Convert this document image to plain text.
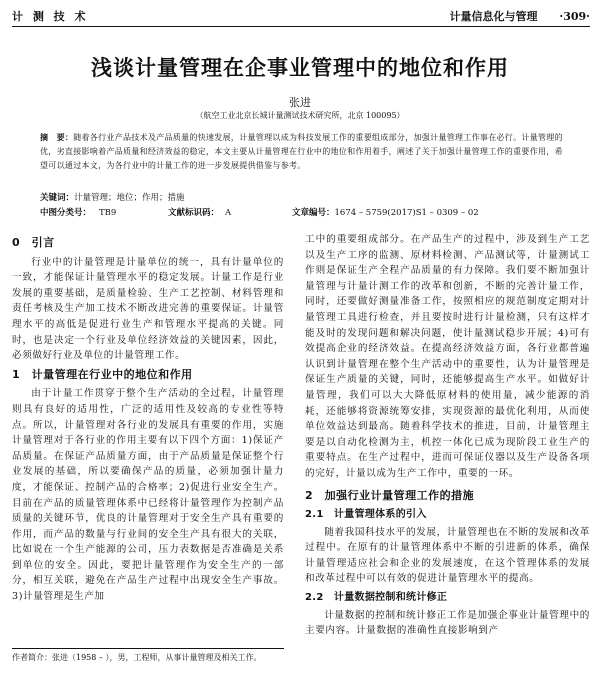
计 测 技 术	计量信息化与管理 ·309·
浅谈计量管理在企事业管理中的地位和作用
张进
（航空工业北京长城计量测试技术研究所，北京 100095）
摘　要：随着各行业产品技术及产品质量的快速发展，计量管理以成为科技发展工作的重要组成部分，加强计量管理工作事在必行。计量管理的优，劣直接影响着产品质量和经济效益的稳定，本文主要从计量管理在行业中的地位和作用着手，阐述了关于加强计量管理工作的重要作用，希望可以通过本文，为各行业中的计量工作的进一步发展提供借鉴与参考。
关键词：计量管理；地位；作用；措施
中图分类号： TB9	文献标识码： A	文章编号：1674 – 5759(2017)S1 – 0309 – 02
0　引言

行业中的计量管理是计量单位的统一，具有计量单位的一致，才能保证计量管理水平的稳定发展。计量工作是行业发展的重要基础，是质量检验、生产工艺控制、材料管理和责任考核及生产加工技术不断改进完善的重要保证。计量管理水平的高低是促进行业生产和管理水平提高的关键。同时，也是决定一个行业及单位经济效益的关键因素，因此，必须做好行业及单位的计量管理工作。

1　计量管理在行业中的地位和作用

由于计量工作贯穿于整个生产活动的全过程，计量管理则具有良好的适用性，广泛的适用性及较高的专业性等特点。所以，计量管理对各行业的发展具有重要的作用，实施计量管理对于各行业的作用主要有以下四个方面：1)保证产品质量。在保证产品质量方面，由于产品质量是保证整个行业发展的基础，所以要确保产品的质量，必须加强计量力度，才能保证、控制产品的合格率；2)促进行业安全生产。目前在产品的质量管理体系中已经将计量管理作为控制产品质量的关键环节，优良的计量管理对于安全生产具有重要的作用，而产品的数量与行业间的安全生产具有很大的关联，比如说在一个生产能源的公司，压力表数据是否准确是关系到单位的安全。因此，要把计量管理作为安全生产的一部分，相互关联，避免在产品生产过程中出现安全生产事故。3)计量管理是生产加

作者简介：张进（1958 – ），男，工程师，从事计量管理及相关工作。

工中的重要组成部分。在产品生产的过程中，涉及到生产工艺以及生产工序的监测、原材料检测、产品测试等，计量测试工作则是保证生产全程产品质量的有力保障。我们要不断加强计量管理与计量计测工作的改革和创新，不断的完善计量工作，同时，还要做好测量准备工作，按照相应的规范制度定期对计量管理工具进行检查，并且要按时进行计量检测，只有这样才能及时的发现问题和解决问题，使计量测试稳步开展；4)可有效提高企业的经济效益。在提高经济效益方面，各行业都普遍认识到计量管理在整个生产活动中的重要性，认为计量管理是保证生产质量的关键，同时，还能够提高生产水平。如做好计量管理，我们可以大大降低原材料的使用量，减少能源的消耗，还能够将资源统筹安排，实现资源的最优化利用，从而使单位效益达到最高。随着科学技术的推进，目前，计量管理主要是以自动化检测为主，机控一体化已成为现阶段工业生产的重要特点。在生产过程中，进而可保证仪器以及生产设备各项的完好，计量以成为生产工作中，重要的一环。

2　加强行业计量管理工作的措施
2.1　计量管理体系的引入

随着我国科技水平的发展，计量管理也在不断的发展和改革过程中。在原有的计量管理体系中不断的引进新的体系，确保计量管理适应社会和企业的发展速度，在这个管理体系的发展和改革过程中可以有效的促进计量管理水平的提高。

2.2　计量数据控制和统计修正

计量数据的控制和统计修正工作是加强企事业计量管理中的主要内容。计量数据的准确性直接影响到产
